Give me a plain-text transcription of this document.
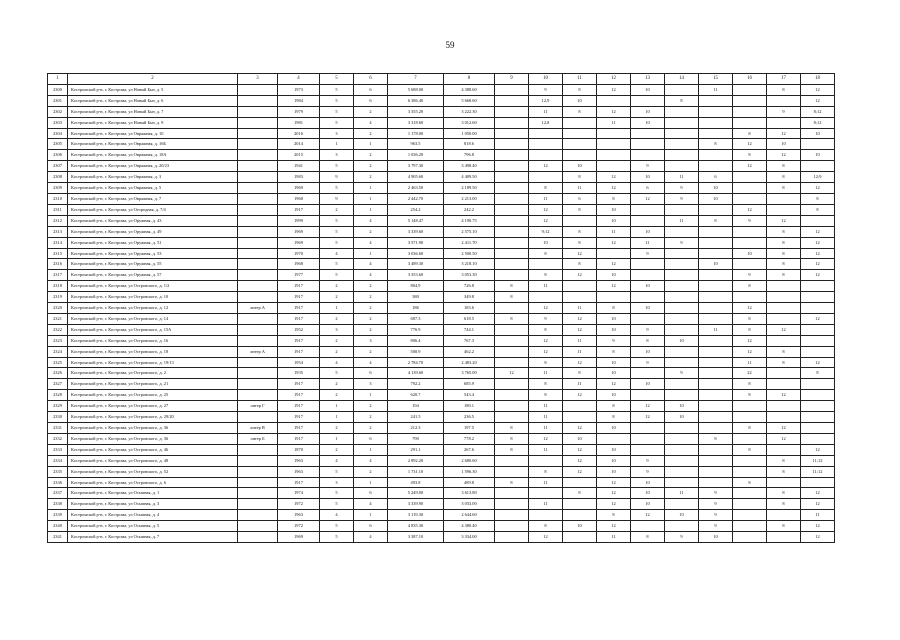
59
1	2	3	4	5	6	7	8	9	10	11	12	13	14	15	16	17	18
2300	Костромской р-н, г. Кострома, ул Новый Быт, д. 5		1973	5	6	5 688.00	4 388.60		9	8	12	10		11		8	12
2301	Костромской р-н, г. Кострома, ул Новый Быт, д. 6		1984	5	6	6 386.40	5 668.60		12,9	10			8				12
2302	Костромской р-н, г. Кострома, ул Новый Быт, д. 7		1979	5	2	3 355.20	3 222.30		11	8	12	10				9	8;12
2303	Костромской р-н, г. Кострома, ул Новый Быт, д. 9		1981	5	4	3 318.60	3 012.60		12,8		11	10					8;12
2304	Костромской р-н, г. Кострома, ул Овражная, д. 10		2016	3	2	1 178.00	1 050.00								8	12	10
2305	Костромской р-н, г. Кострома, ул Овражная, д. 16Б		2014	1	1	963.5	818.6							8	12	10	
2306	Костромской р-н, г. Кострома, ул Овражная, д. 18А		2015	3	2	1 036.20	796.8								8	12	10
2307	Костромской р-н, г. Кострома, ул Овражная, д. 20/23		1941	5	2	3 797.30	3 498.40		12	10		9			12	8	
2308	Костромской р-н, г. Кострома, ул Овражная, д. 3		1983	9	2	4 905.60	4 409.50			8	12	10	11	6		8	12;9
2309	Костромской р-н, г. Кострома, ул Овражная, д. 5		1969	5	1	2 463.50	2 189.50		8	11	12	6	9	10		8	12
2310	Костромской р-н, г. Кострома, ул Овражная, д. 7		1968	9	1	2 442.70	2 213.00		11	6	8	12	9	10			8
2311	Костромской р-н, г. Кострома, ул Огородная, д. 7/4		1917	2	1	254.2	242.2		12	8	10				12		8
2312	Костромской р-н, г. Кострома, ул Оружная, д. 43		1999	5	4	5 148.47	4 190.75		12		10		11	8	9	12	
2313	Костромской р-н, г. Кострома, ул Оружная, д. 49		1969	5	2	3 339.60	2 575.10		9;12	8	11	10				8	12
2314	Костромской р-н, г. Кострома, ул Оружная, д. 51		1969	5	4	3 571.90	2 411.70		10	8	12	11	9			8	12
2315	Костромской р-н, г. Кострома, ул Оружная, д. 53		1970	4	1	3 036.60	2 500.50		8	12		9			10	8	12
2316	Костромской р-н, г. Кострома, ул Оружная, д. 55		1968	5	4	3 489.30	3 218.10			8	12			10		8	12
2317	Костромской р-н, г. Кострома, ул Оружная, д. 57		1977	5	4	3 353.60	3 053.30		8	12	10				9	8	12
2318	Костромской р-н, г. Кострома, ул Островского, д. 1/2		1917	2	2	804.9	726.8	8	11		12	10			8		
2319	Костромской р-н, г. Кострома, ул Островского, д. 10		1917	2	2	380	349.8	8									
2320	Костромской р-н, г. Кострома, ул Островского, д. 12	литер А	1917	1	2	186	183.6		12	11	8	10			12		
2321	Костромской р-н, г. Кострома, ул Островского, д. 14		1917	2	2	687.3	618.5	8	9	12	10				8		12
2322	Костромской р-н, г. Кострома, ул Островского, д. 15А		1952	3	2	776.9	744.1		8	12	10	9		11	8	12	
2323	Костромской р-н, г. Кострома, ул Островского, д. 16		1917	2	3	806.4	767.3		12	11	9	8	10		12		
2324	Костромской р-н, г. Кострома, ул Островского, д. 18	литер А	1917	2	2	500.9	462.2		12	11	8	10			12	8	
2325	Костромской р-н, г. Кострома, ул Островского, д. 19/13		1954	4	4	2 784.70	2 483.20		8	12	10	9			11	8	12
2326	Костромской р-н, г. Кострома, ул Островского, д. 2		1935	5	6	4 139.60	3 765.00	12	11	8	10		9		22		8
2327	Костромской р-н, г. Кострома, ул Островского, д. 21		1917	2	3	792.2	685.9		8	11	12	10			8		
2328	Костромской р-н, г. Кострома, ул Островского, д. 25		1917	2	1	620.7	543.4		8	12	10				8	12	
2329	Костромской р-н, г. Кострома, ул Островского, д. 27	литер Г	1917	1	2	194	180.1		11		8	12	10				
2330	Костромской р-н, г. Кострома, ул Островского, д. 29/20		1917	1	2	241.5	236.5		11		8	12	10				
2331	Костромской р-н, г. Кострома, ул Островского, д. 36	литер В	1917	2	2	212.3	197.5	8	11	12	10				8	12	
2332	Костромской р-н, г. Кострома, ул Островского, д. 36	литер Б	1917	1	6	790	778.2	8	12	10				8		12	
2333	Костромской р-н, г. Кострома, ул Островского, д. 46		1870	2	1	291.1	267.6	8	11	12	10				8		12
2334	Костромской р-н, г. Кострома, ул Островского, д. 48		1963	4	4	2 892.20	2 680.60			12	10	9				8	11;12
2335	Костромской р-н, г. Кострома, ул Островского, д. 52		1963	5	2	1 731.10	1 596.30		8	12	10	9				8	11;12
2336	Костромской р-н, г. Кострома, ул Островского, д. 6		1917	3	1	493.8	489.8	8	11		12	10			8		
2337	Костромской р-н, г. Кострома, ул Осыпная, д. 1		1974	5	6	5 249.00	3 613.80			8	12	10	11	9		8	12
2338	Костромской р-н, г. Кострома, ул Осыпная, д. 3		1972	5	4	3 339.90	3 033.00		11		12	10		9		8	12
2339	Костромской р-н, г. Кострома, ул Осыпная, д. 4		1963	4	1	3 119.30	2 644.60				8	12	10	9			11
2340	Костромской р-н, г. Кострома, ул Осыпная, д. 5		1972	5	6	4 835.30	4 380.40		8	10	12			9		8	12
2341	Костромской р-н, г. Кострома, ул Осыпная, д. 7		1969	5	4	3 387.10	3 334.00		12		11	8	9	10			12
